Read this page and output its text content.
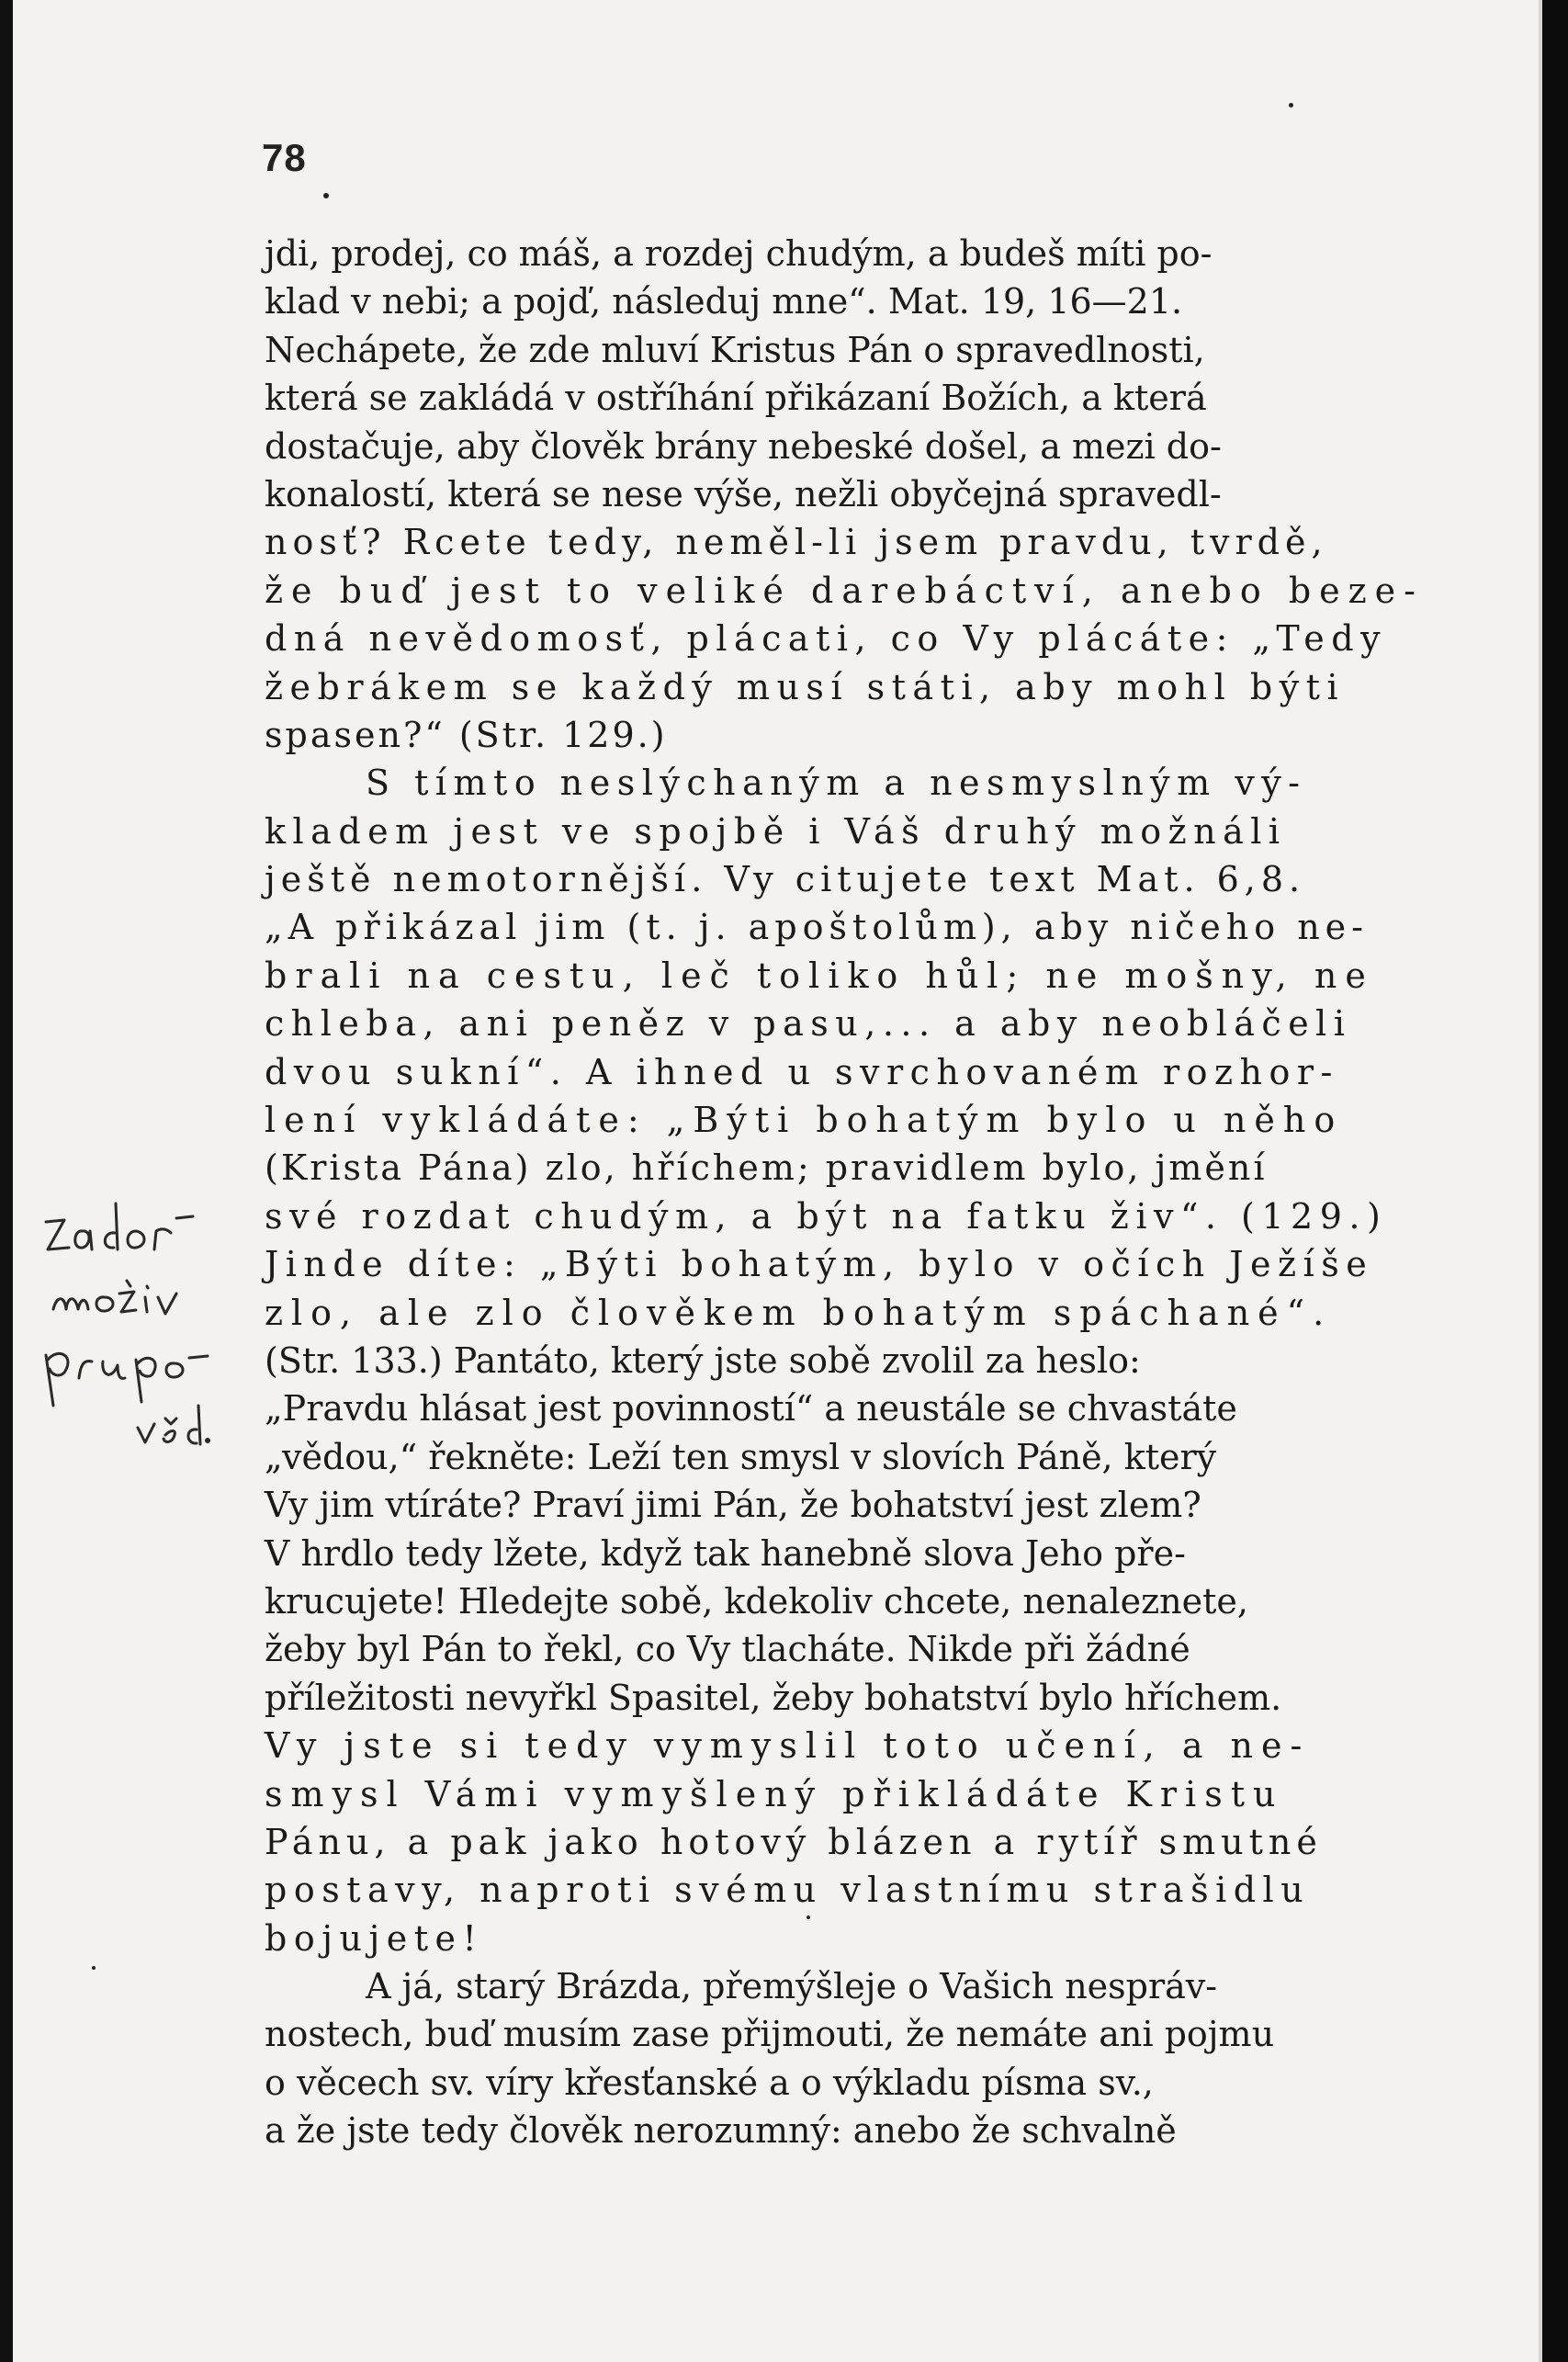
78
jdi, prodej, co máš, a rozdej chudým, a budeš míti po-
klad v nebi; a pojď, následuj mne“. Mat. 19, 16—21.
Nechápete, že zde mluví Kristus Pán o spravedlnosti,
která se zakládá v ostříhání přikázaní Božích, a která
dostačuje, aby člověk brány nebeské došel, a mezi do-
konalostí, která se nese výše, nežli obyčejná spravedl-
nosť? Rcete tedy, neměl-li jsem pravdu, tvrdě,
že buď jest to veliké darebáctví, anebo beze-
dná nevědomosť, plácati, co Vy plácáte: „Tedy
žebrákem se každý musí státi, aby mohl býti
spasen?“ (Str. 129.)
S tímto neslýchaným a nesmyslným vý-
kladem jest ve spojbě i Váš druhý možnáli
ještě nemotornější. Vy citujete text Mat. 6,8.
„A přikázal jim (t. j. apoštolům), aby ničeho ne-
brali na cestu, leč toliko hůl; ne mošny, ne
chleba, ani peněz v pasu,... a aby neobláčeli
dvou sukní“. A ihned u svrchovaném rozhor-
lení vykládáte: „Býti bohatým bylo u něho
(Krista Pána) zlo, hříchem; pravidlem bylo, jmění
své rozdat chudým, a být na fatku živ“. (129.)
Jinde díte: „Býti bohatým, bylo v očích Ježíše
zlo, ale zlo člověkem bohatým spáchané“.
(Str. 133.) Pantáto, který jste sobě zvolil za heslo:
„Pravdu hlásat jest povinností“ a neustále se chvastáte
„vědou,“ řekněte: Leží ten smysl v slovích Páně, který
Vy jim vtíráte? Praví jimi Pán, že bohatství jest zlem?
V hrdlo tedy lžete, když tak hanebně slova Jeho pře-
krucujete! Hledejte sobě, kdekoliv chcete, nenaleznete,
žeby byl Pán to řekl, co Vy tlacháte. Nikde při žádné
příležitosti nevyřkl Spasitel, žeby bohatství bylo hříchem.
Vy jste si tedy vymyslil toto učení, a ne-
smysl Vámi vymyšlený přikládáte Kristu
Pánu, a pak jako hotový blázen a rytíř smutné
postavy, naproti svému vlastnímu strašidlu
bojujete!
A já, starý Brázda, přemýšleje o Vašich nespráv-
nostech, buď musím zase přijmouti, že nemáte ani pojmu
o věcech sv. víry křesťanské a o výkladu písma sv.,
a že jste tedy člověk nerozumný: anebo že schvalně
